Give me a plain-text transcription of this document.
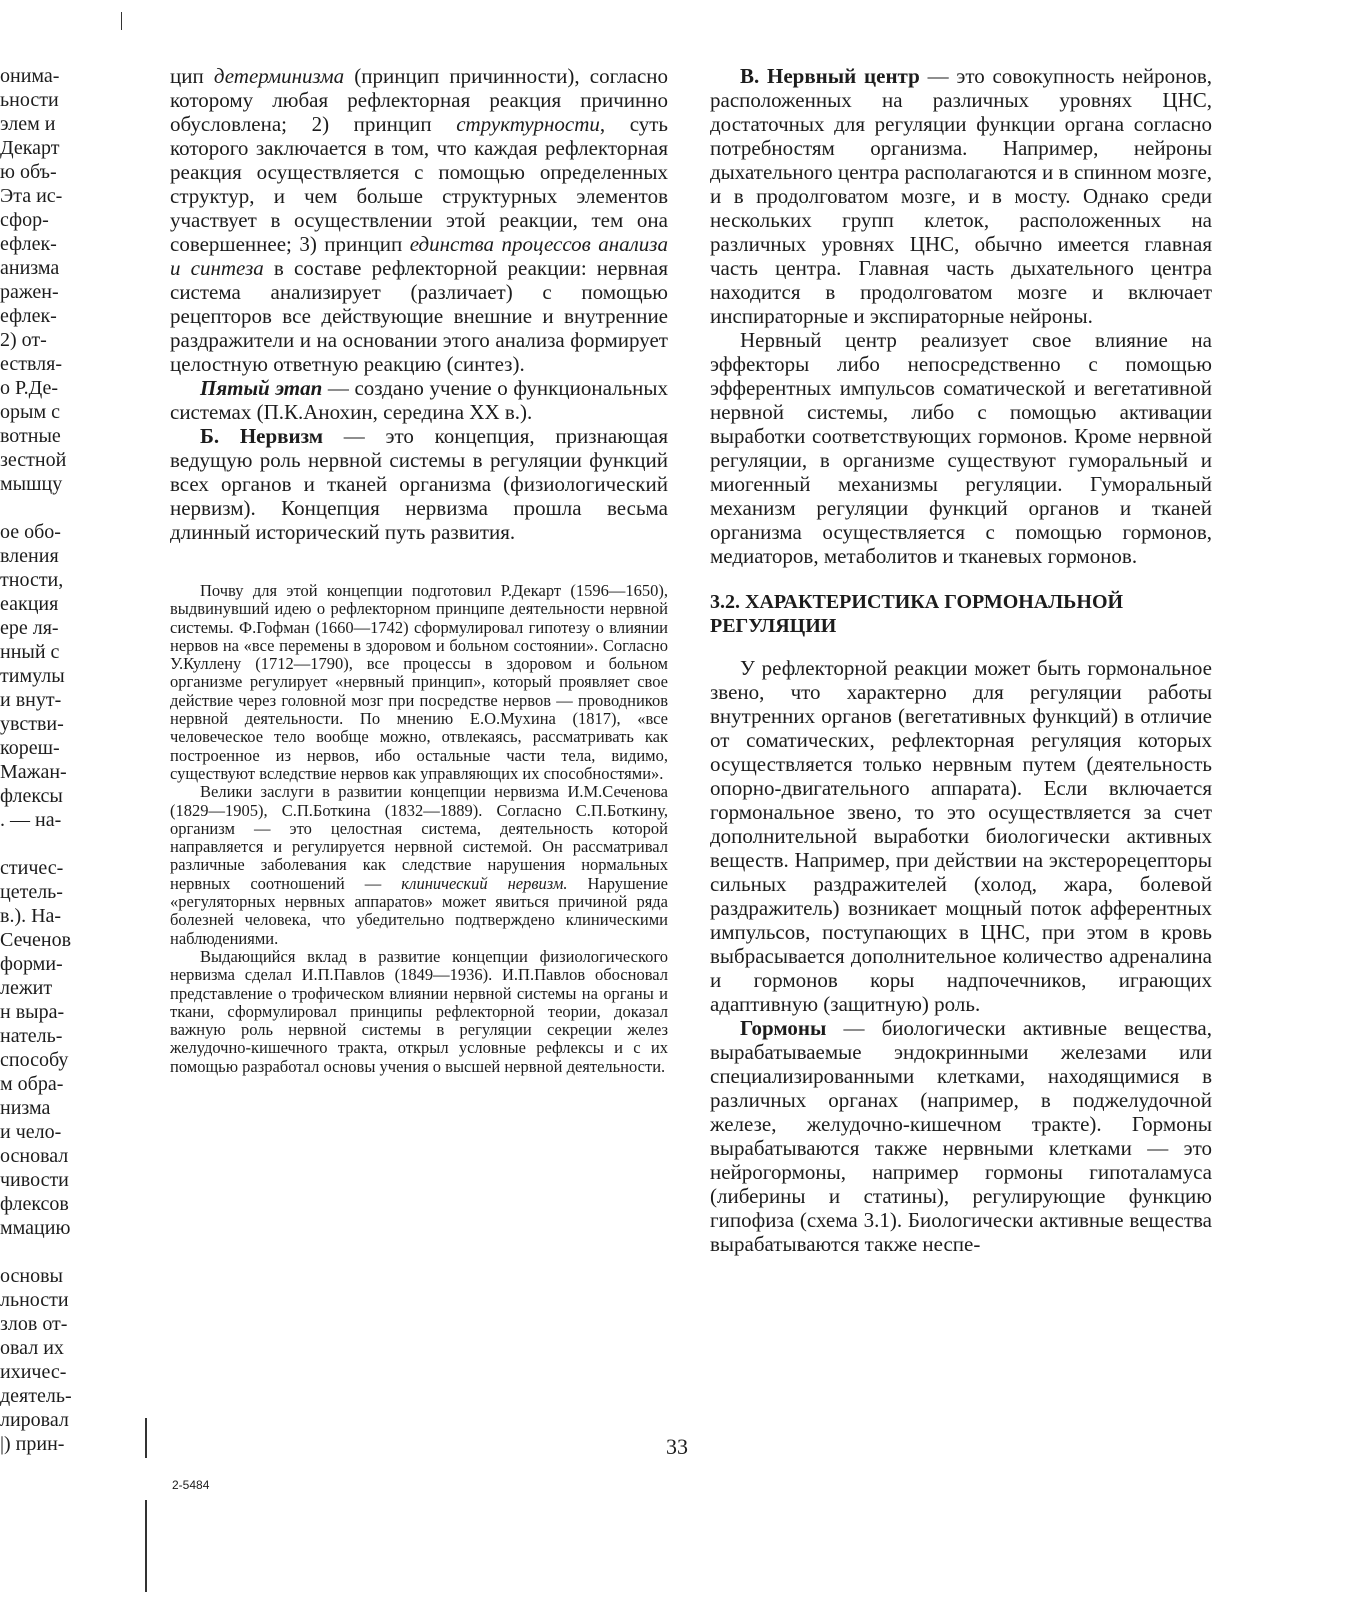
онима-
ьности
элем и
Декарт
ю объ-
Эта ис-
сфор-
ефлек-
анизма
ражен-
ефлек-
2) от-
ествля-
о Р.Де-
орым с
вотные
зестной
мышцу
ое обо-
вления
тности,
еакция
ере ля-
нный с
тимулы
и внут-
увстви-
кореш-
Мажан-
флексы
. — на-
стичес-
цетель-
в.). На-
Сеченов
форми-
лежит
н выра-
натель-
способу
м обра-
низма
и чело-
основал
чивости
флексов
ммацию
основы
льности
злов от-
овал их
ихичес-
деятель-
лировал
|) прин-

цип детерминизма (принцип причинности), согласно которому любая рефлекторная реакция причинно обусловлена; 2) принцип структурности, суть которого заключается в том, что каждая рефлекторная реакция осуществляется с помощью определенных структур, и чем больше структурных элементов участвует в осуществлении этой реакции, тем она совершеннее; 3) принцип единства процессов анализа и синтеза в составе рефлекторной реакции: нервная система анализирует (различает) с помощью рецепторов все действующие внешние и внутренние раздражители и на основании этого анализа формирует целостную ответную реакцию (синтез).

Пятый этап — создано учение о функциональных системах (П.К.Анохин, середина XX в.).

Б. Нервизм — это концепция, признающая ведущую роль нервной системы в регуляции функций всех органов и тканей организма (физиологический нервизм). Концепция нервизма прошла весьма длинный исторический путь развития.

Почву для этой концепции подготовил Р.Декарт (1596—1650), выдвинувший идею о рефлекторном принципе деятельности нервной системы. Ф.Гофман (1660—1742) сформулировал гипотезу о влиянии нервов на «все перемены в здоровом и больном состоянии». Согласно У.Куллену (1712—1790), все процессы в здоровом и больном организме регулирует «нервный принцип», который проявляет свое действие через головной мозг при посредстве нервов — проводников нервной деятельности. По мнению Е.О.Мухина (1817), «все человеческое тело вообще можно, отвлекаясь, рассматривать как построенное из нервов, ибо остальные части тела, видимо, существуют вследствие нервов как управляющих их способностями».

Велики заслуги в развитии концепции нервизма И.М.Сеченова (1829—1905), С.П.Боткина (1832—1889). Согласно С.П.Боткину, организм — это целостная система, деятельность которой направляется и регулируется нервной системой. Он рассматривал различные заболевания как следствие нарушения нормальных нервных соотношений — клинический нервизм. Нарушение «регуляторных нервных аппаратов» может явиться причиной ряда болезней человека, что убедительно подтверждено клиническими наблюдениями.

Выдающийся вклад в развитие концепции физиологического нервизма сделал И.П.Павлов (1849—1936). И.П.Павлов обосновал представление о трофическом влиянии нервной системы на органы и ткани, сформулировал принципы рефлекторной теории, доказал важную роль нервной системы в регуляции секреции желез желудочно-кишечного тракта, открыл условные рефлексы и с их помощью разработал основы учения о высшей нервной деятельности.

В. Нервный центр — это совокупность нейронов, расположенных на различных уровнях ЦНС, достаточных для регуляции функции органа согласно потребностям организма. Например, нейроны дыхательного центра располагаются и в спинном мозге, и в продолговатом мозге, и в мосту. Однако среди нескольких групп клеток, расположенных на различных уровнях ЦНС, обычно имеется главная часть центра. Главная часть дыхательного центра находится в продолговатом мозге и включает инспираторные и экспираторные нейроны.

Нервный центр реализует свое влияние на эффекторы либо непосредственно с помощью эфферентных импульсов соматической и вегетативной нервной системы, либо с помощью активации выработки соответствующих гормонов. Кроме нервной регуляции, в организме существуют гуморальный и миогенный механизмы регуляции. Гуморальный механизм регуляции функций органов и тканей организма осуществляется с помощью гормонов, медиаторов, метаболитов и тканевых гормонов.

3.2. ХАРАКТЕРИСТИКА ГОРМОНАЛЬНОЙ РЕГУЛЯЦИИ

У рефлекторной реакции может быть гормональное звено, что характерно для регуляции работы внутренних органов (вегетативных функций) в отличие от соматических, рефлекторная регуляция которых осуществляется только нервным путем (деятельность опорно-двигательного аппарата). Если включается гормональное звено, то это осуществляется за счет дополнительной выработки биологически активных веществ. Например, при действии на экстерорецепторы сильных раздражителей (холод, жара, болевой раздражитель) возникает мощный поток афферентных импульсов, поступающих в ЦНС, при этом в кровь выбрасывается дополнительное количество адреналина и гормонов коры надпочечников, играющих адаптивную (защитную) роль.

Гормоны — биологически активные вещества, вырабатываемые эндокринными железами или специализированными клетками, находящимися в различных органах (например, в поджелудочной железе, желудочно-кишечном тракте). Гормоны вырабатываются также нервными клетками — это нейрогормоны, например гормоны гипоталамуса (либерины и статины), регулирующие функцию гипофиза (схема 3.1). Биологически активные вещества вырабатываются также неспе-

33
2-5484
